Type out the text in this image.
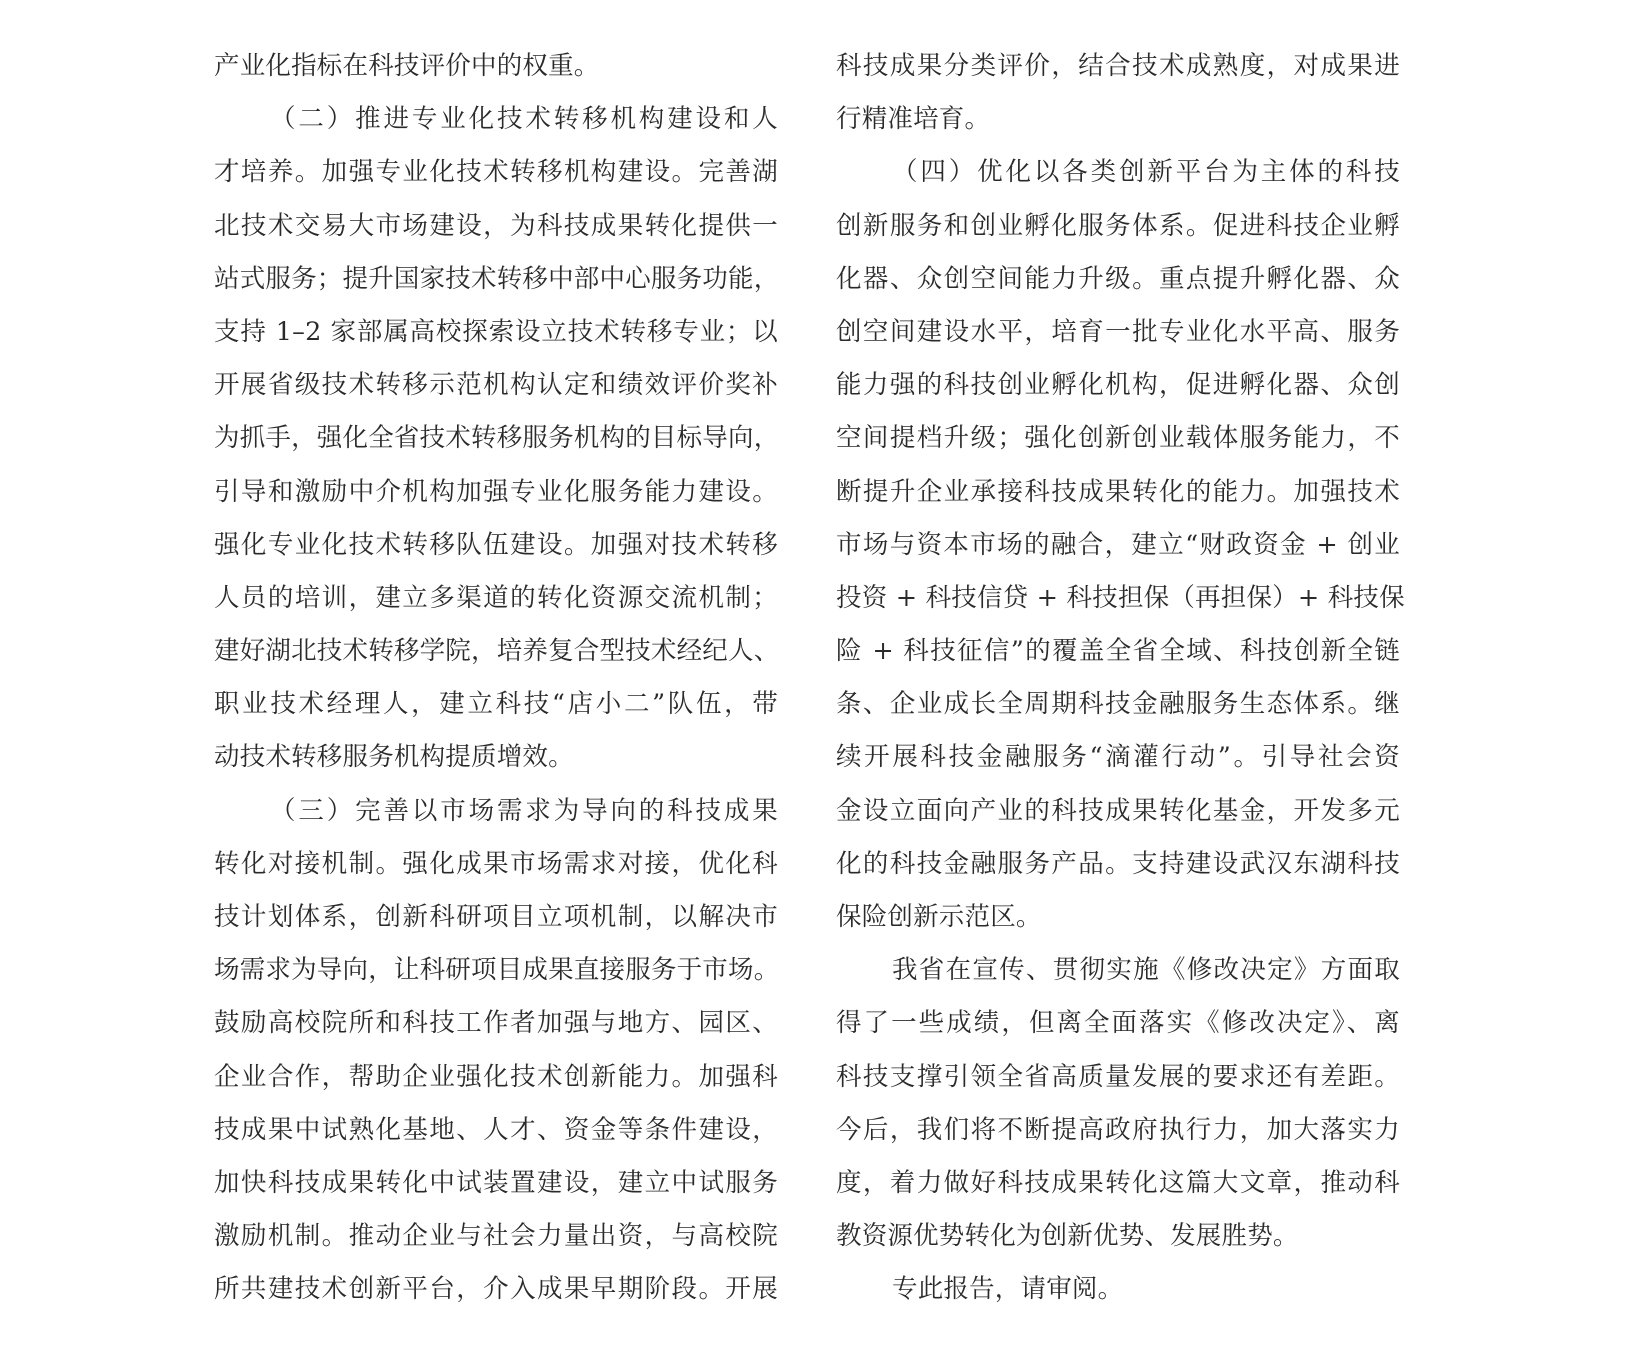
产业化指标在科技评价中的权重。
（二）推进专业化技术转移机构建设和人
才培养。加强专业化技术转移机构建设。完善湖
北技术交易大市场建设，为科技成果转化提供一
站式服务；提升国家技术转移中部中心服务功能，
支持 1–2 家部属高校探索设立技术转移专业；以
开展省级技术转移示范机构认定和绩效评价奖补
为抓手，强化全省技术转移服务机构的目标导向，
引导和激励中介机构加强专业化服务能力建设。
强化专业化技术转移队伍建设。加强对技术转移
人员的培训，建立多渠道的转化资源交流机制；
建好湖北技术转移学院，培养复合型技术经纪人、
职业技术经理人，建立科技“店小二”队伍，带
动技术转移服务机构提质增效。
（三）完善以市场需求为导向的科技成果
转化对接机制。强化成果市场需求对接，优化科
技计划体系，创新科研项目立项机制，以解决市
场需求为导向，让科研项目成果直接服务于市场。
鼓励高校院所和科技工作者加强与地方、园区、
企业合作，帮助企业强化技术创新能力。加强科
技成果中试熟化基地、人才、资金等条件建设，
加快科技成果转化中试装置建设，建立中试服务
激励机制。推动企业与社会力量出资，与高校院
所共建技术创新平台，介入成果早期阶段。开展
科技成果分类评价，结合技术成熟度，对成果进
行精准培育。
（四）优化以各类创新平台为主体的科技
创新服务和创业孵化服务体系。促进科技企业孵
化器、众创空间能力升级。重点提升孵化器、众
创空间建设水平，培育一批专业化水平高、服务
能力强的科技创业孵化机构，促进孵化器、众创
空间提档升级；强化创新创业载体服务能力，不
断提升企业承接科技成果转化的能力。加强技术
市场与资本市场的融合，建立“财政资金 + 创业
投资 + 科技信贷 + 科技担保（再担保）+ 科技保
险 + 科技征信”的覆盖全省全域、科技创新全链
条、企业成长全周期科技金融服务生态体系。继
续开展科技金融服务“滴灌行动”。引导社会资
金设立面向产业的科技成果转化基金，开发多元
化的科技金融服务产品。支持建设武汉东湖科技
保险创新示范区。
我省在宣传、贯彻实施《修改决定》方面取
得了一些成绩，但离全面落实《修改决定》、离
科技支撑引领全省高质量发展的要求还有差距。
今后，我们将不断提高政府执行力，加大落实力
度，着力做好科技成果转化这篇大文章，推动科
教资源优势转化为创新优势、发展胜势。
专此报告，请审阅。
